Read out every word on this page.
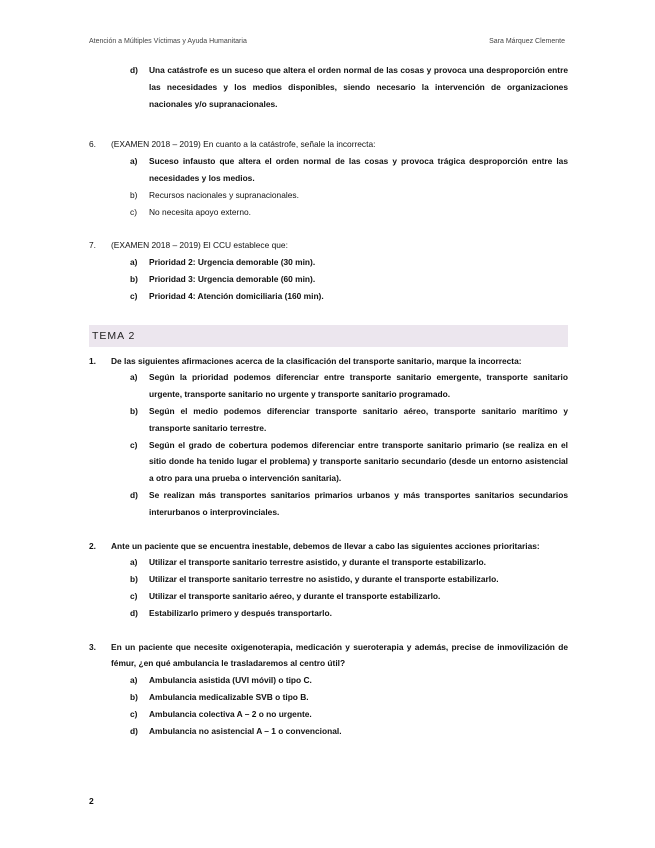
Atención a Múltiples Víctimas y Ayuda Humanitaria	Sara Márquez Clemente
d)	Una catástrofe es un suceso que altera el orden normal de las cosas y provoca una desproporción entre las necesidades y los medios disponibles, siendo necesario la intervención de organizaciones nacionales y/o supranacionales.
6.	(EXAMEN 2018 – 2019) En cuanto a la catástrofe, señale la incorrecta:
a)	Suceso infausto que altera el orden normal de las cosas y provoca trágica desproporción entre las necesidades y los medios.
b)	Recursos nacionales y supranacionales.
c)	No necesita apoyo externo.
7.	(EXAMEN 2018 – 2019) El CCU establece que:
a)	Prioridad 2: Urgencia demorable (30 min).
b)	Prioridad 3: Urgencia demorable (60 min).
c)	Prioridad 4: Atención domiciliaria (160 min).
TEMA 2
1.	De las siguientes afirmaciones acerca de la clasificación del transporte sanitario, marque la incorrecta:
a)	Según la prioridad podemos diferenciar entre transporte sanitario emergente, transporte sanitario urgente, transporte sanitario no urgente y transporte sanitario programado.
b)	Según el medio podemos diferenciar transporte sanitario aéreo, transporte sanitario marítimo y transporte sanitario terrestre.
c)	Según el grado de cobertura podemos diferenciar entre transporte sanitario primario (se realiza en el sitio donde ha tenido lugar el problema) y transporte sanitario secundario (desde un entorno asistencial a otro para una prueba o intervención sanitaria).
d)	Se realizan más transportes sanitarios primarios urbanos y más transportes sanitarios secundarios interurbanos o interprovinciales.
2.	Ante un paciente que se encuentra inestable, debemos de llevar a cabo las siguientes acciones prioritarias:
a)	Utilizar el transporte sanitario terrestre asistido, y durante el transporte estabilizarlo.
b)	Utilizar el transporte sanitario terrestre no asistido, y durante el transporte estabilizarlo.
c)	Utilizar el transporte sanitario aéreo, y durante el transporte estabilizarlo.
d)	Estabilizarlo primero y después transportarlo.
3.	En un paciente que necesite oxigenoterapia, medicación y sueroterapia y además, precise de inmovilización de fémur, ¿en qué ambulancia le trasladaremos al centro útil?
a)	Ambulancia asistida (UVI móvil) o tipo C.
b)	Ambulancia medicalizable SVB o tipo B.
c)	Ambulancia colectiva A – 2 o no urgente.
d)	Ambulancia no asistencial A – 1 o convencional.
2
